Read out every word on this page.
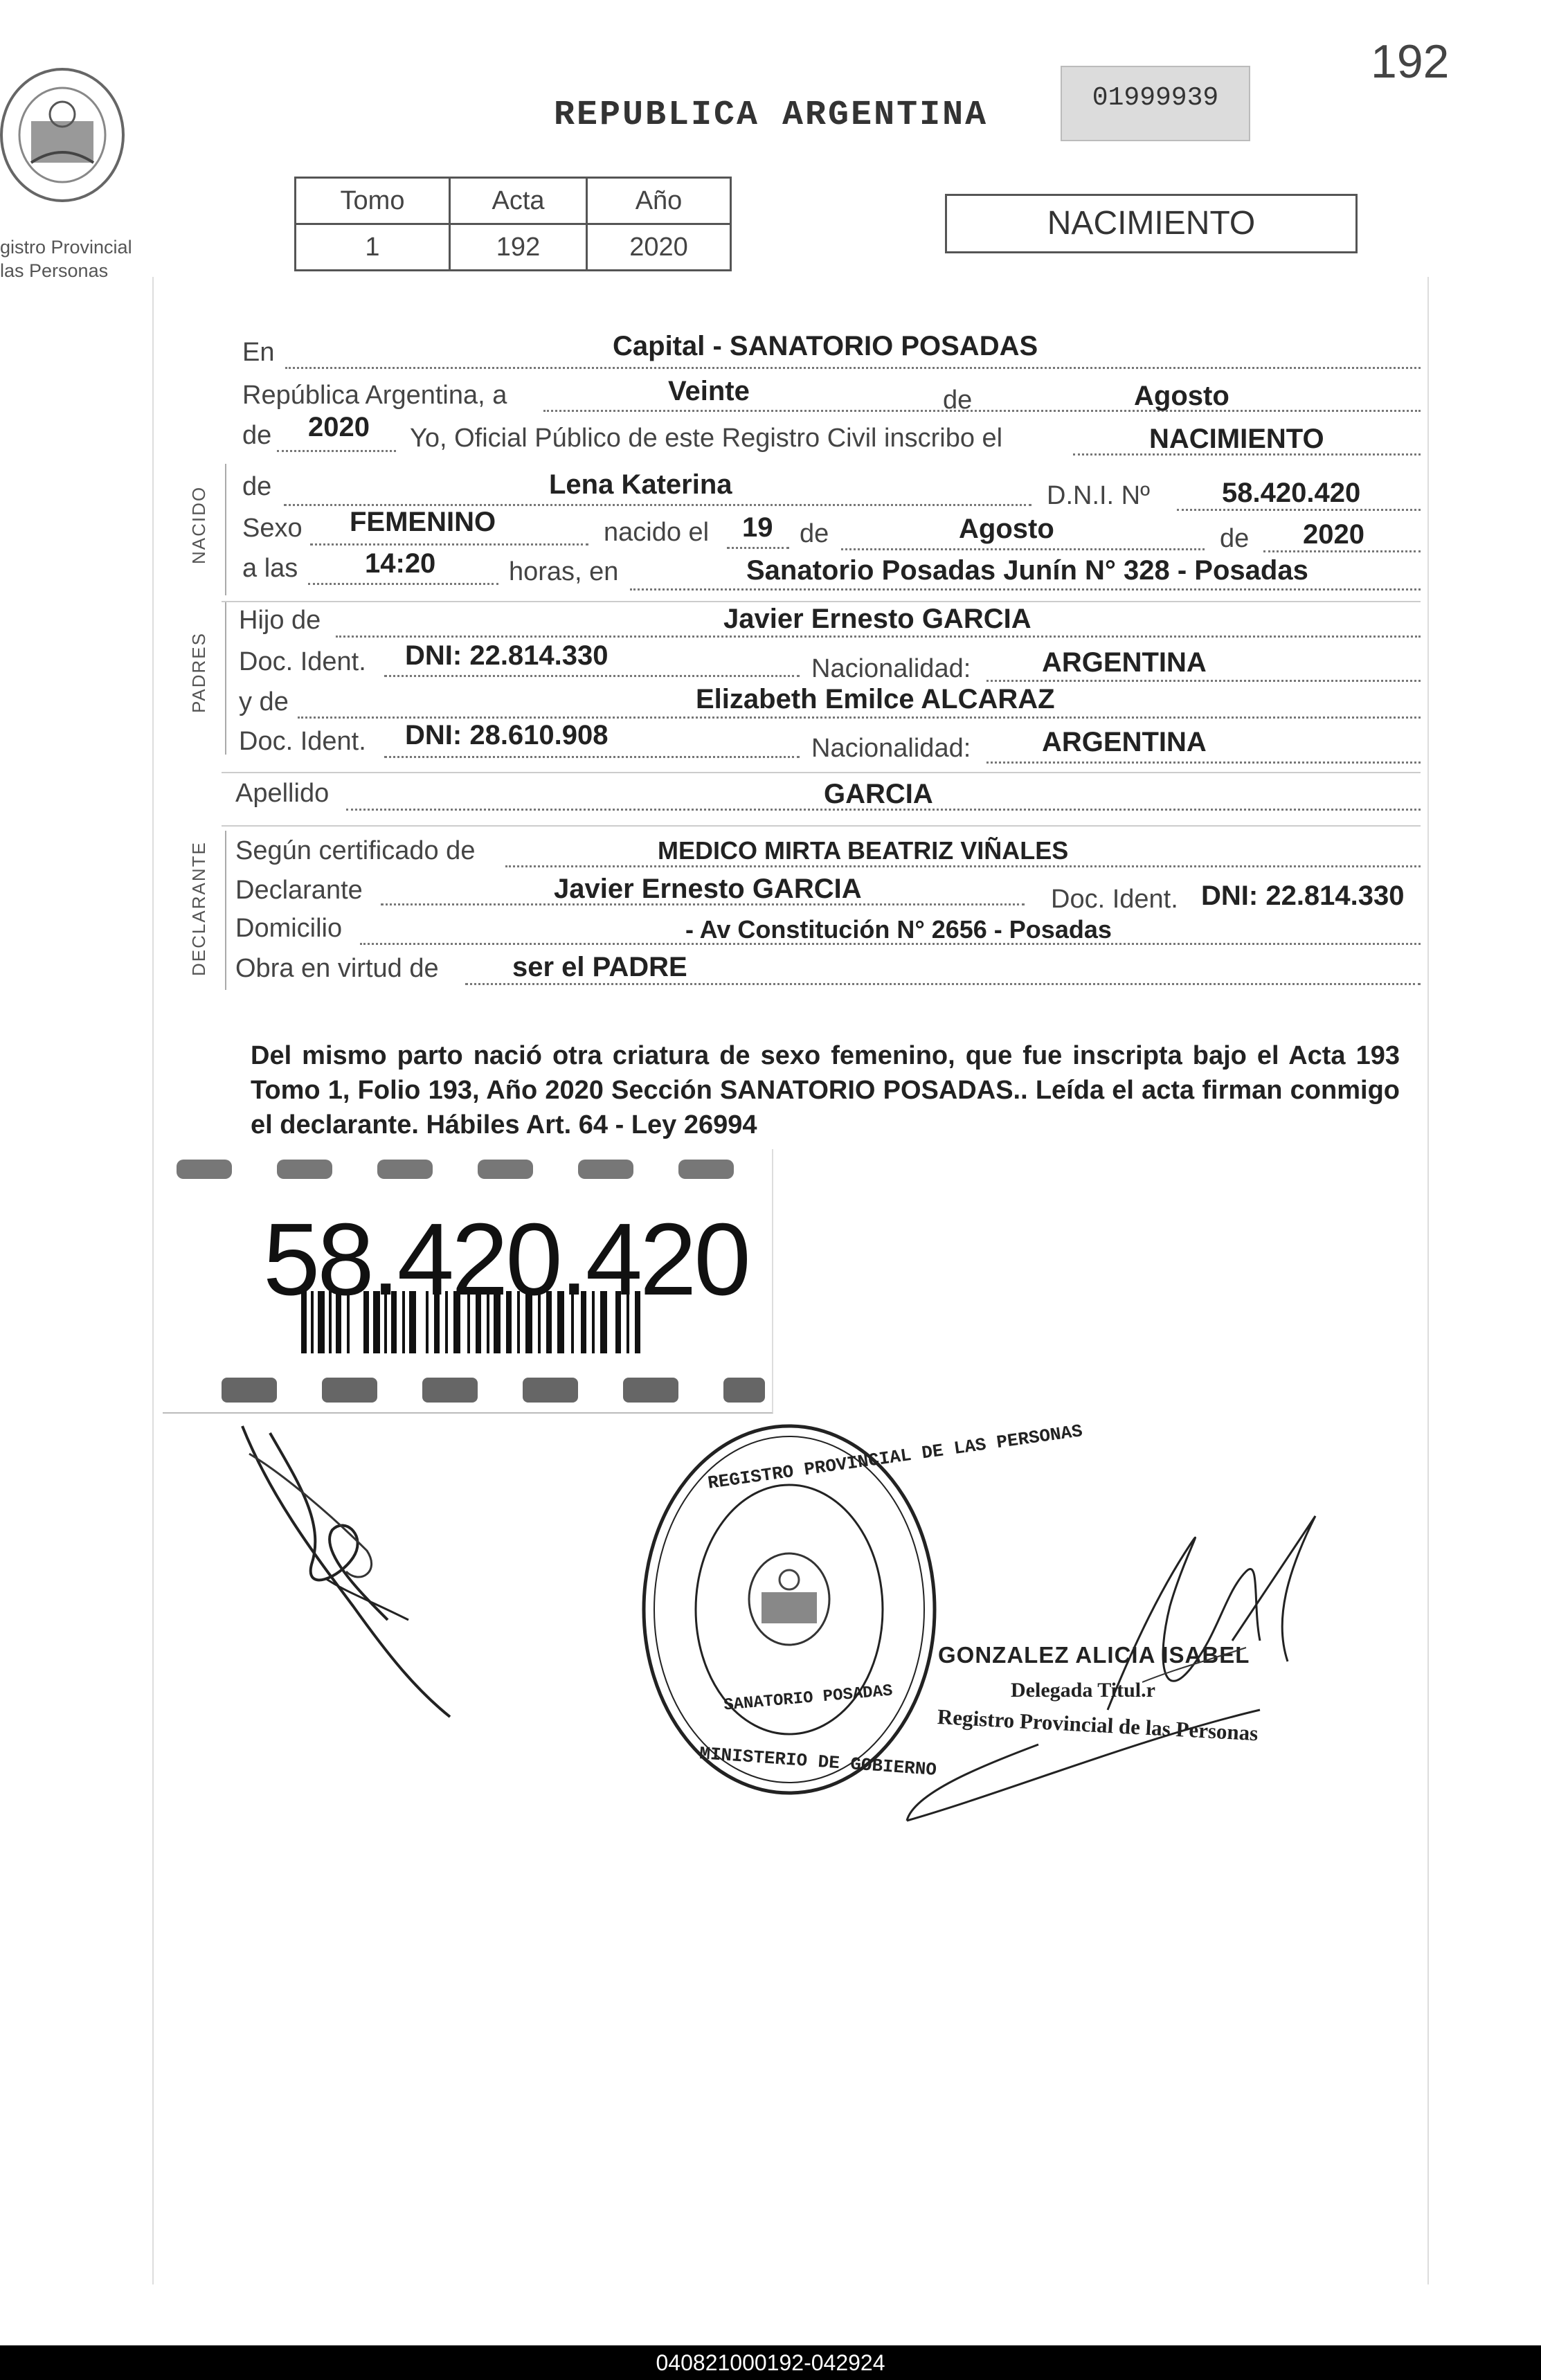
192
gistro Provincial
las Personas
REPUBLICA ARGENTINA	01999939
Tomo	Acta	Año
1	192	2020
NACIMIENTO
En	Capital - SANATORIO POSADAS
República Argentina, a	Veinte	de	Agosto
de 2020 Yo, Oficial Público de este Registro Civil inscribo el	NACIMIENTO
NACIDO de	Lena Katerina	D.N.I. Nº	58.420.420
Sexo FEMENINO	nacido el 19 de	Agosto	de 2020
a las 14:20	horas, en	Sanatorio Posadas Junín N° 328 - Posadas
PADRES
Hijo de	Javier Ernesto GARCIA
Doc. Ident. DNI: 22.814.330	Nacionalidad:	ARGENTINA
y de	Elizabeth Emilce ALCARAZ
Doc. Ident. DNI: 28.610.908	Nacionalidad:	ARGENTINA
Apellido	GARCIA
DECLARANTE Según certificado de	MEDICO MIRTA BEATRIZ VIÑALES
Declarante	Javier Ernesto GARCIA	Doc. Ident. DNI: 22.814.330
Domicilio	- Av Constitución N° 2656 - Posadas
Obra en virtud de	ser el PADRE
Del mismo parto nació otra criatura de sexo femenino, que fue inscripta bajo el Acta 193 Tomo 1, Folio 193, Año 2020 Sección SANATORIO POSADAS.. Leída el acta firman conmigo el declarante. Hábiles Art. 64 - Ley 26994
58.420.420
REGISTRO PROVINCIAL DE LAS PERSONAS
SANATORIO POSADAS
MINISTERIO DE GOBIERNO
GONZALEZ ALICIA ISABEL
Delegada Titul.r
Registro Provincial de las Personas
040821000192-042924
